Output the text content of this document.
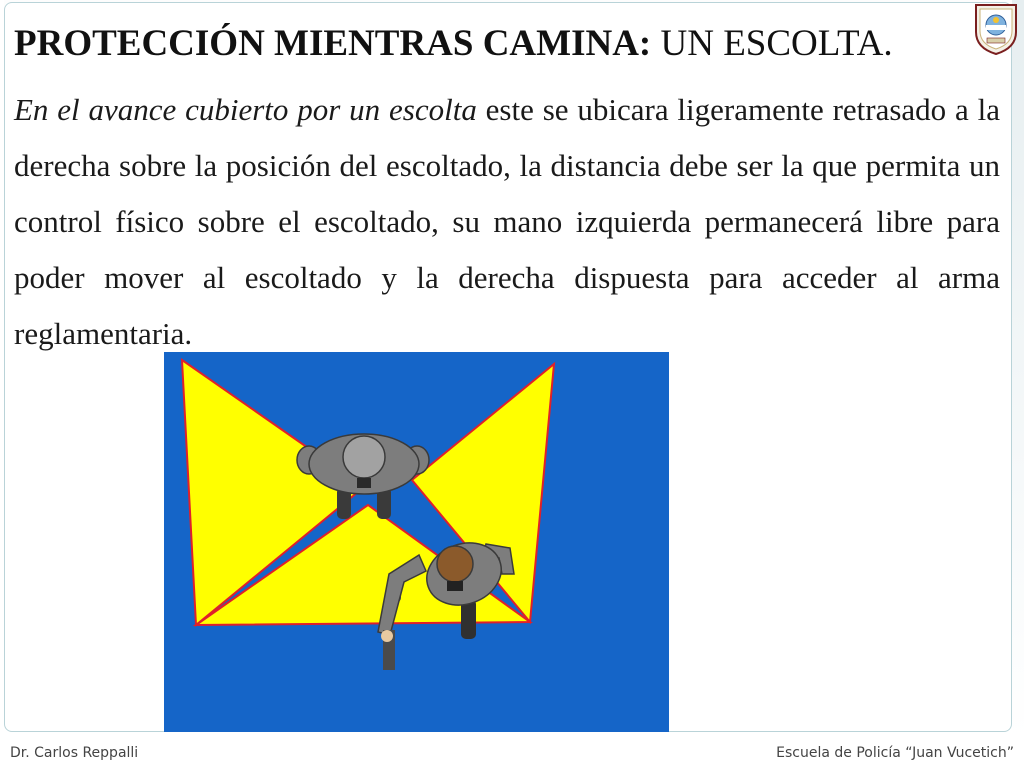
PROTECCIÓN MIENTRAS CAMINA: UN ESCOLTA.
En el avance cubierto por un escolta este se ubicara ligeramente retrasado a la derecha sobre la posición del escoltado, la distancia debe ser la que permita un control físico sobre el escoltado, su mano izquierda permanecerá libre para poder mover al escoltado y la derecha dispuesta para acceder al arma reglamentaria.
Dr. Carlos Reppalli	Escuela de Policía “Juan Vucetich”
